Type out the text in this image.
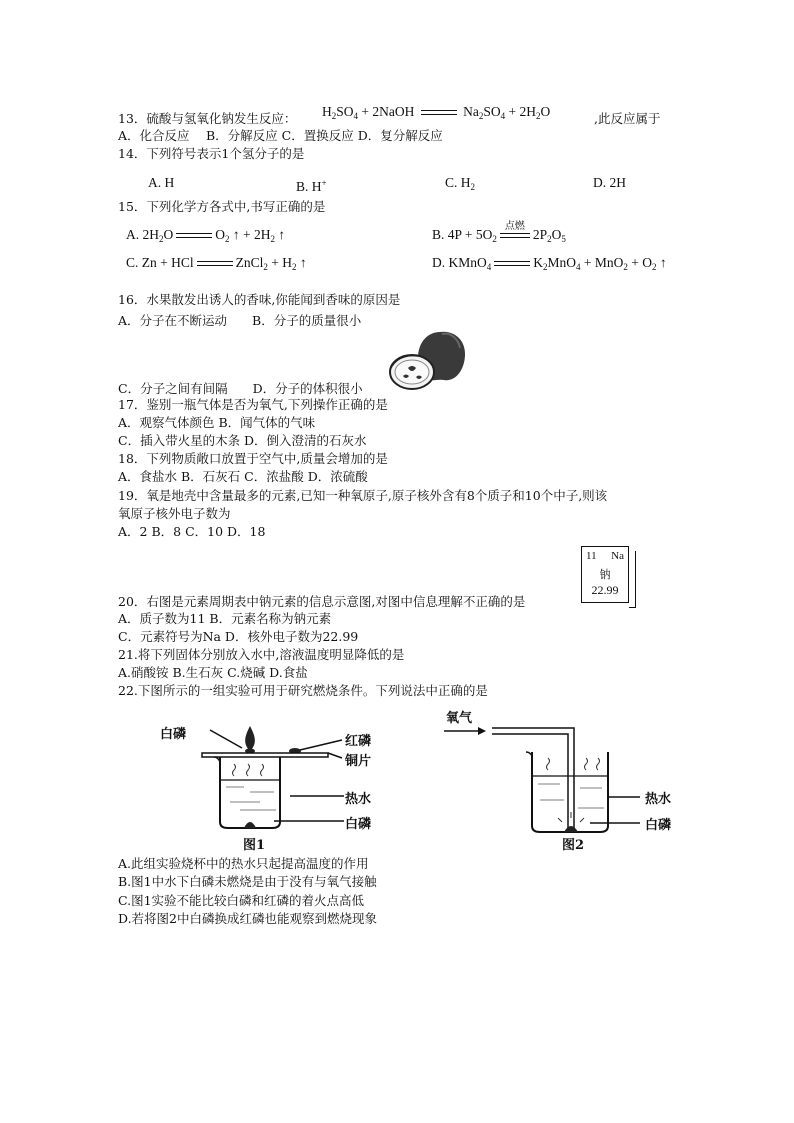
13．硫酸与氢氧化钠发生反应： $H_2SO_4$ + 2NaOH	$Na_2SO_4 + 2H_2O$	,此反应属于
A．化合反应　 B．分解反应 C．置换反应 D．复分解反应
14．下列符号表示1个氢分子的是
A. H	B. H+	C. $H_2$	D. 2H
15．下列化学方各式中,书写正确的是
A. $2H_2O$	$O_2$ ↑ + $2H_2$ ↑	B. $4P + 5O_2$
点燃
$2P_2O_5$
C. Zn + HCl	ZnCl$_2$ + $H_2$ ↑	D. KMnO$_4$	$K_2MnO_4 + MnO_2 + O_2$ ↑
16．水果散发出诱人的香味,你能闻到香味的原因是
A．分子在不断运动　　B．分子的质量很小
C．分子之间有间隔　　D．分子的体积很小
17．鉴别一瓶气体是否为氧气,下列操作正确的是
A．观察气体颜色 B．闻气体的气味
C．插入带火星的木条 D．倒入澄清的石灰水
18．下列物质敞口放置于空气中,质量会增加的是
A．食盐水 B．石灰石 C．浓盐酸 D．浓硫酸
19．氧是地壳中含量最多的元素,已知一种氧原子,原子核外含有8个质子和10个中子,则该
氧原子核外电子数为
A．2 B．8 C．10 D．18
11 Na
钠
22.99
20．右图是元素周期表中钠元素的信息示意图,对图中信息理解不正确的是
A．质子数为11 B．元素名称为钠元素
C．元素符号为Na D．核外电子数为22.99
21.将下列固体分别放入水中,溶液温度明显降低的是
A.硝酸铵 B.生石灰 C.烧碱 D.食盐
22.下图所示的一组实验可用于研究燃烧条件。下列说法中正确的是
白磷	红磷
铜片
热水
白磷
图1
氧气
热水
白磷
图2
A.此组实验烧杯中的热水只起提高温度的作用
B.图1中水下白磷未燃烧是由于没有与氧气接触
C.图1实验不能比较白磷和红磷的着火点高低
D.若将图2中白磷换成红磷也能观察到燃烧现象
